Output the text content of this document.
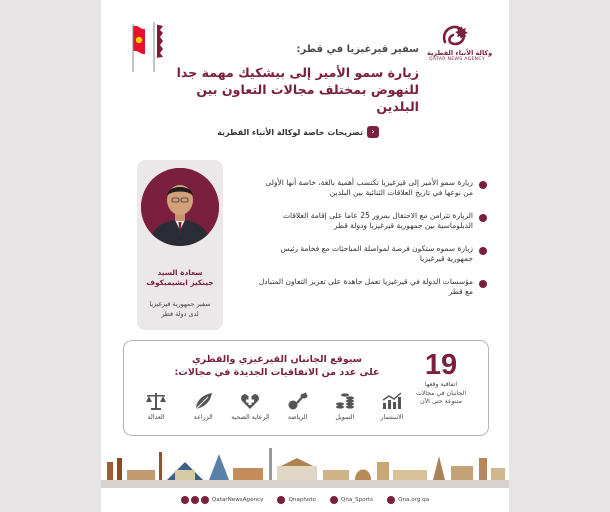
وكالة الأنباء القطرية
QATAR NEWS AGENCY
سفير قيرغيزيا في قطر:
زيارة سمو الأمير إلى بيشكيك مهمة جدا
للنهوض بمختلف مجالات التعاون بين البلدين
‹
تصريحات خاصة لوكالة الأنباء القطرية
سعادة السيد
جينكيز ايشيمبكوف
سفير جمهورية قيرغيزيا
لدى دولة قطر
زيارة سمو الأمير إلى قيرغيزيا تكتسب أهمية بالغة، خاصة أنها الأولى من نوعها في تاريخ العلاقات الثنائية بين البلدين
الزيارة تتزامن مع الاحتفال بمرور 25 عاما على إقامة العلاقات الدبلوماسية بين جمهورية قيرغيزيا ودولة قطر
زيارة سموه ستكون فرصة لمواصلة المباحثات مع فخامة رئيس جمهورية قيرغيزيا
مؤسسات الدولة في قيرغيزيا تعمل جاهدة على تعزيز التعاون المتبادل مع قطر
سيوقع الجانبان القيرغيزي والقطري
على عدد من الاتفاقيات الجديدة في مجالات:	19
اتفاقية وقعها
الجانبان في مجالات
متنوعة حتى الآن
الاستثمار
التمويل
الرياضة
الرعاية الصحية
الزراعة
العدالة
QatarNewsAgency	Qnaphoto	Qna_Sports	Qna.org.qa
